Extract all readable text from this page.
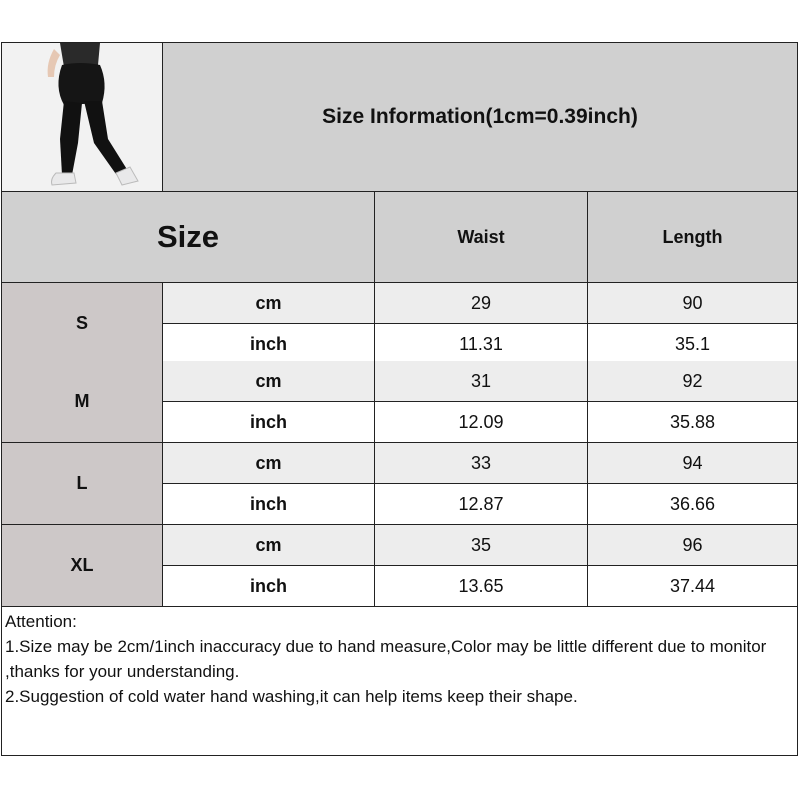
Size Information(1cm=0.39inch)
Size	Waist	Length
S
cm	29	90
inch	11.31	35.1
M
cm	31	92
inch	12.09	35.88
L
cm	33	94
inch	12.87	36.66
XL
cm	35	96
inch	13.65	37.44

Attention:

1.Size may be 2cm/1inch inaccuracy due to hand measure,Color may be little different due to monitor ,thanks for your understanding.

2.Suggestion of cold water hand washing,it can help items keep their shape.
